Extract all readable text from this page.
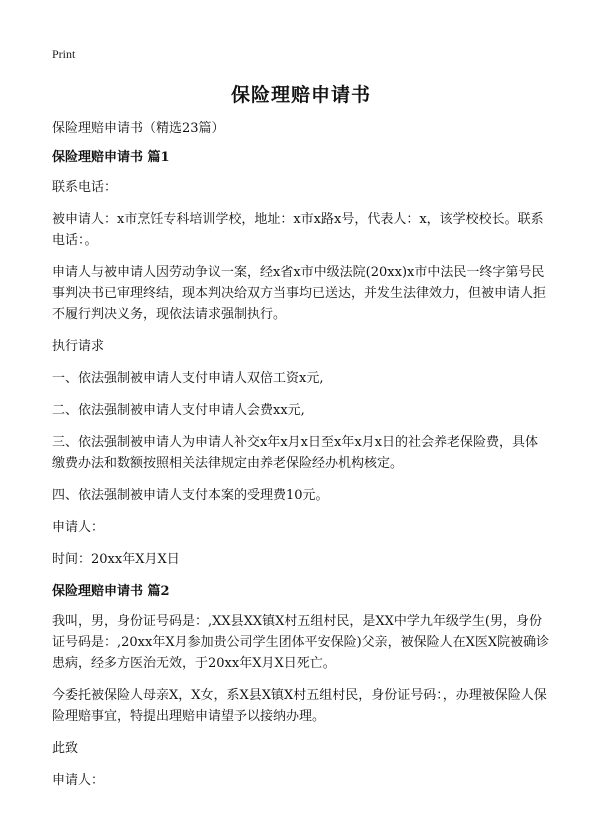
Print
保险理赔申请书

保险理赔申请书（精选23篇）

保险理赔申请书 篇1

联系电话：

被申请人：x市烹饪专科培训学校，地址：x市x路x号，代表人：x，该学校校长。联系电话：。

申请人与被申请人因劳动争议一案，经x省x市中级法院(20xx)x市中法民一终字第号民事判决书已审理终结，现本判决给双方当事均已送达，并发生法律效力，但被申请人拒不履行判决义务，现依法请求强制执行。

执行请求

一、依法强制被申请人支付申请人双倍工资x元,

二、依法强制被申请人支付申请人会费xx元,

三、依法强制被申请人为申请人补交x年x月x日至x年x月x日的社会养老保险费，具体缴费办法和数额按照相关法律规定由养老保险经办机构核定。

四、依法强制被申请人支付本案的受理费10元。

申请人：

时间：20xx年X月X日

保险理赔申请书 篇2

我叫，男，身份证号码是：,XX县XX镇X村五组村民，是XX中学九年级学生(男，身份证号码是：,20xx年X月参加贵公司学生团体平安保险)父亲，被保险人在X医X院被确诊患病，经多方医治无效，于20xx年X月X日死亡。

今委托被保险人母亲X，X女，系X县X镇X村五组村民，身份证号码：，办理被保险人保险理赔事宜，特提出理赔申请望予以接纳办理。

此致

申请人：
